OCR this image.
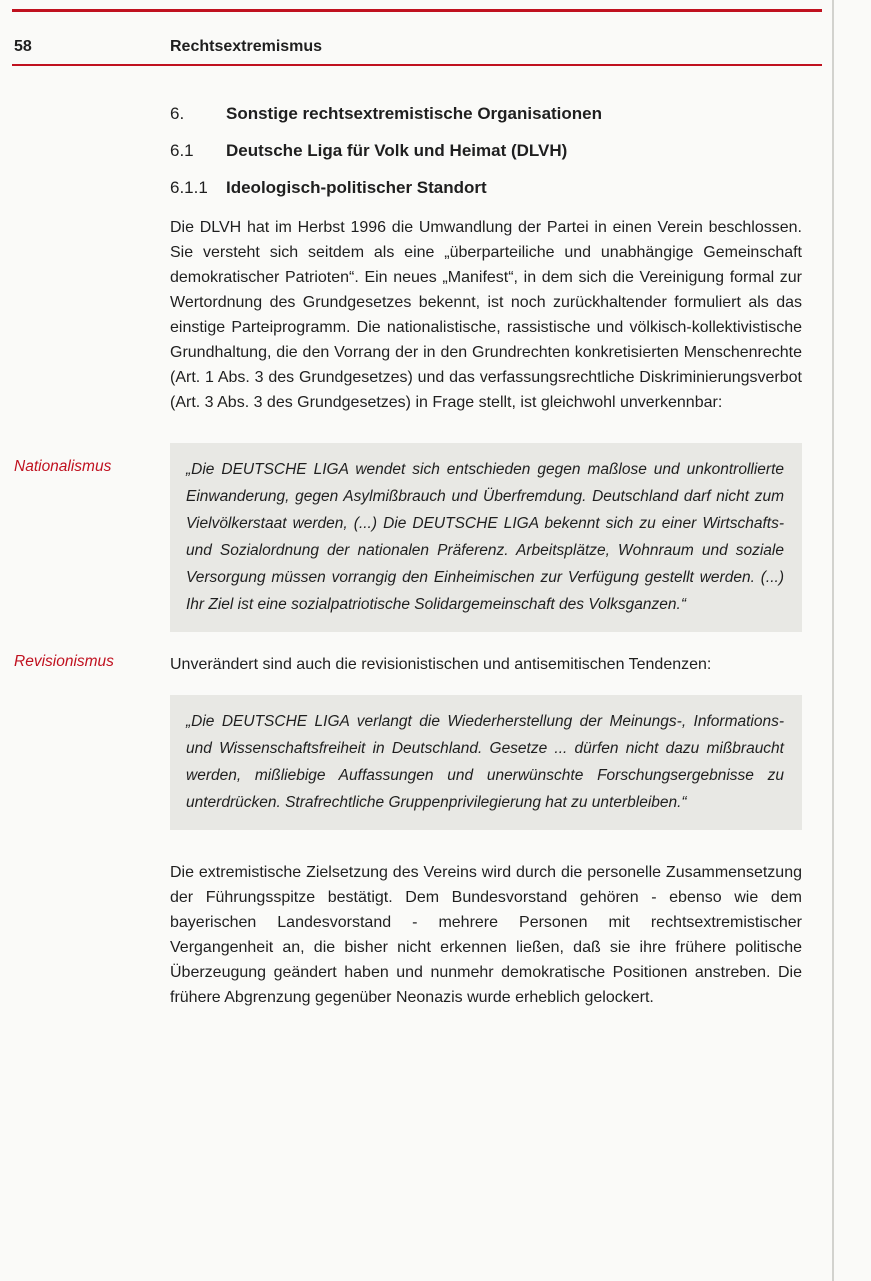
58	Rechtsextremismus
6.	Sonstige rechtsextremistische Organisationen
6.1	Deutsche Liga für Volk und Heimat (DLVH)
6.1.1	Ideologisch-politischer Standort

Die DLVH hat im Herbst 1996 die Umwandlung der Partei in einen Verein beschlossen. Sie versteht sich seitdem als eine „überparteiliche und unabhängige Gemeinschaft demokratischer Patrioten“. Ein neues „Manifest“, in dem sich die Vereinigung formal zur Wertordnung des Grundgesetzes bekennt, ist noch zurückhaltender formuliert als das einstige Parteiprogramm. Die nationalistische, rassistische und völkisch-kollektivistische Grundhaltung, die den Vorrang der in den Grundrechten konkretisierten Menschenrechte (Art. 1 Abs. 3 des Grundgesetzes) und das verfassungsrechtliche Diskriminierungsverbot (Art. 3 Abs. 3 des Grundgesetzes) in Frage stellt, ist gleichwohl unverkennbar:

Nationalismus	„Die DEUTSCHE LIGA wendet sich entschieden gegen maßlose und unkontrollierte Einwanderung, gegen Asylmißbrauch und Überfremdung. Deutschland darf nicht zum Vielvölkerstaat werden, (...) Die DEUTSCHE LIGA bekennt sich zu einer Wirtschafts- und Sozialordnung der nationalen Präferenz. Arbeitsplätze, Wohnraum und soziale Versorgung müssen vorrangig den Einheimischen zur Verfügung gestellt werden. (...) Ihr Ziel ist eine sozialpatriotische Solidargemeinschaft des Volksganzen.“

Revisionismus	Unverändert sind auch die revisionistischen und antisemitischen Tendenzen:

„Die DEUTSCHE LIGA verlangt die Wiederherstellung der Meinungs-, Informations- und Wissenschaftsfreiheit in Deutschland. Gesetze ... dürfen nicht dazu mißbraucht werden, mißliebige Auffassungen und unerwünschte Forschungsergebnisse zu unterdrücken. Strafrechtliche Gruppenprivilegierung hat zu unterbleiben.“

Die extremistische Zielsetzung des Vereins wird durch die personelle Zusammensetzung der Führungsspitze bestätigt. Dem Bundesvorstand gehören - ebenso wie dem bayerischen Landesvorstand - mehrere Personen mit rechtsextremistischer Vergangenheit an, die bisher nicht erkennen ließen, daß sie ihre frühere politische Überzeugung geändert haben und nunmehr demokratische Positionen anstreben. Die frühere Abgrenzung gegenüber Neonazis wurde erheblich gelockert.
